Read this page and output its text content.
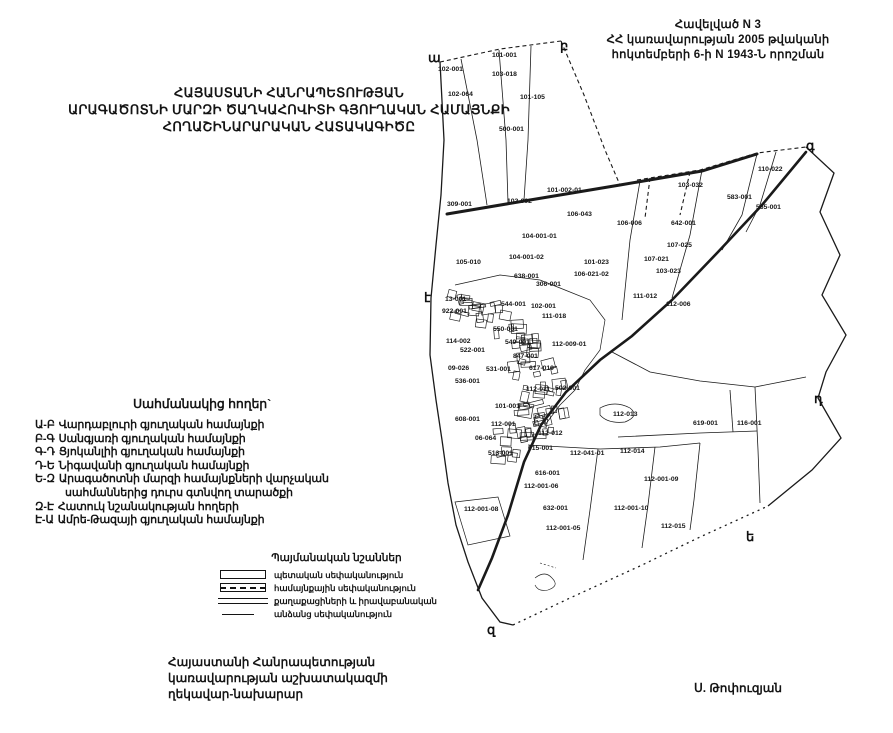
101-001
102-001
103-018
102-064	101-105
500-001
309-001	102-002
101-002-01
106-043
106-006	642-001
103-032
583-001
565-001
110-022
104-001-01
107-025
107-021
104-001-02
105-010	101-023
106-021-02	103-023
638-001
306-001
111-012
112-006
112-013
619-001	116-001
13-001
922-001
114-002
522-001
09-026
536-001
608-001
06-064
112-001-08
544-001 102-001
111-018
550-001
549-001	112-009-01
847-001
531-001	617-019
112-011 502-001
101-001
112-001
513-001
615-001
112-012
112-041-01 112-014
616-001
112-001-06
112-001-09
112-001-10
632-001
112-001-05	112-015
ա
բ
գ
դ
ե
զ
է
Հավելված N 3
ՀՀ կառավարության 2005 թվականի
հոկտեմբերի 6-ի N 1943-Ն որոշման
ՀԱՅԱՍՏԱՆԻ ՀԱՆՐԱՊԵՏՈՒԹՅԱՆ
ԱՐԱԳԱԾՈՏՆԻ ՄԱՐԶԻ ԾԱՂԿԱՀՈՎԻՏԻ ԳՅՈՒՂԱԿԱՆ ՀԱՄԱՅՆՔԻ
ՀՈՂԱՇԻՆԱՐԱՐԱԿԱՆ ՀԱՏԱԿԱԳԻԾԸ
Սահմանակից հողեր`
Ա-Բ Վարդաբլուրի գյուղական համայնքի
Բ-Գ Սանգյառի գյուղական համայնքի
Գ-Դ Ցյոկանլիի գյուղական համայնքի
Դ-Ե Նիգավանի գյուղական համայնքի
Ե-Զ Արագածոտնի մարզի համայնքների վարչական
սահմաններից դուրս գտնվող տարածքի
Զ-Է Հատուկ նշանակության հողերի
Է-Ա Ամրե-Թազայի գյուղական համայնքի
Պայմանական նշաններ
պետական սեփականություն
համայնքային սեփականություն
քաղաքացիների և իրավաբանական
անձանց սեփականություն
Հայաստանի Հանրապետության
կառավարության աշխատակազմի
ղեկավար-նախարար	Ս. Թոփուզյան
